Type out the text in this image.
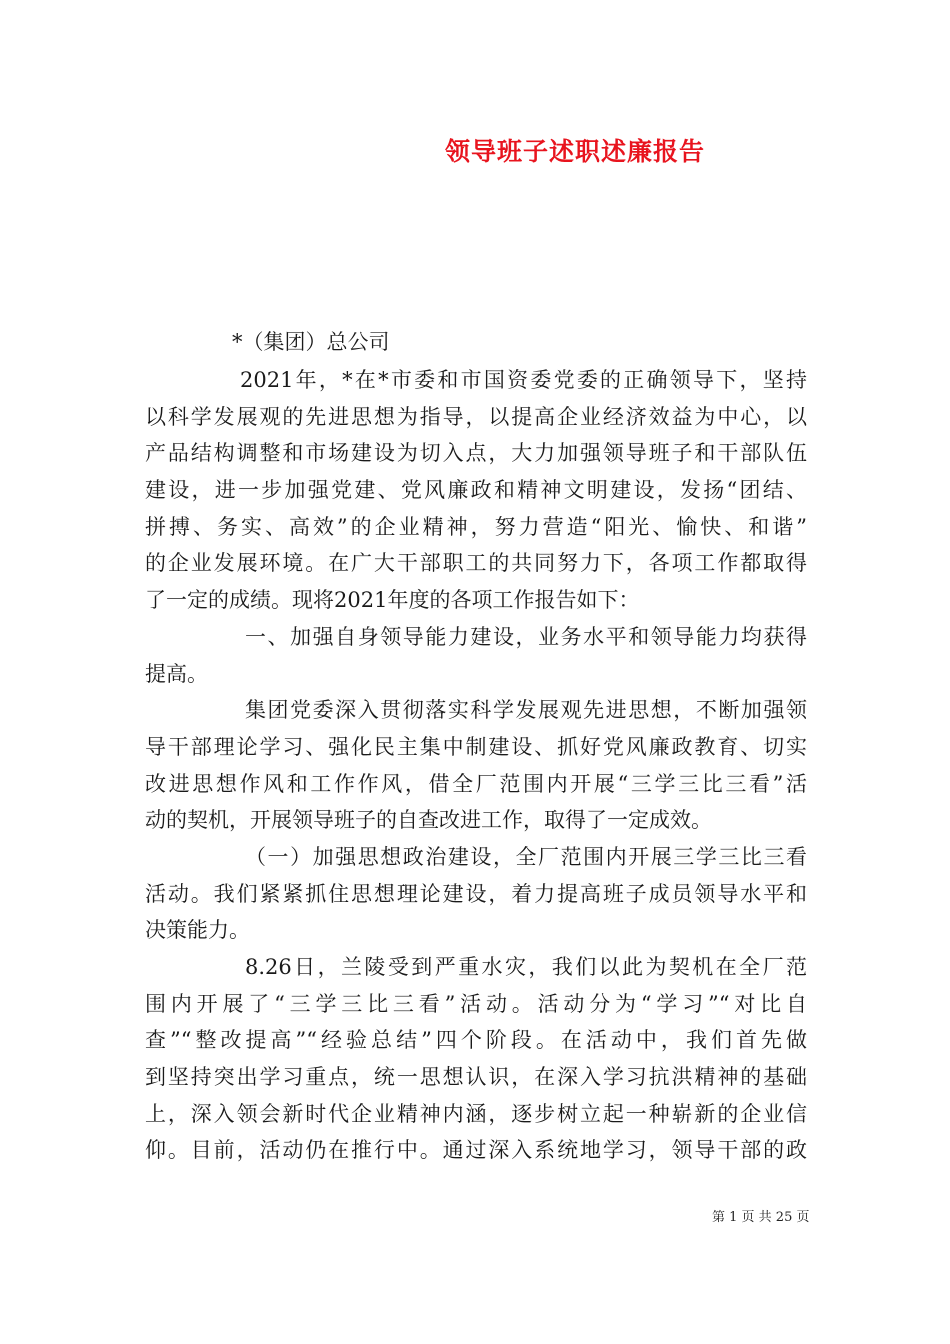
领导班子述职述廉报告

*（集团）总公司

2021年，*在*市委和市国资委党委的正确领导下，坚持

以科学发展观的先进思想为指导，以提高企业经济效益为中心，以

产品结构调整和市场建设为切入点，大力加强领导班子和干部队伍

建设，进一步加强党建、党风廉政和精神文明建设，发扬“团结、

拼搏、务实、高效”的企业精神，努力营造“阳光、愉快、和谐”

的企业发展环境。在广大干部职工的共同努力下，各项工作都取得

了一定的成绩。现将2021年度的各项工作报告如下：

一、加强自身领导能力建设，业务水平和领导能力均获得

提高。

集团党委深入贯彻落实科学发展观先进思想，不断加强领

导干部理论学习、强化民主集中制建设、抓好党风廉政教育、切实

改进思想作风和工作作风，借全厂范围内开展“三学三比三看”活

动的契机，开展领导班子的自查改进工作，取得了一定成效。

（一）加强思想政治建设，全厂范围内开展三学三比三看

活动。我们紧紧抓住思想理论建设，着力提高班子成员领导水平和

决策能力。

8.26日，兰陵受到严重水灾，我们以此为契机在全厂范

围内开展了“三学三比三看”活动。活动分为“学习”“对比自

查”“整改提高”“经验总结”四个阶段。在活动中，我们首先做

到坚持突出学习重点，统一思想认识，在深入学习抗洪精神的基础

上，深入领会新时代企业精神内涵，逐步树立起一种崭新的企业信

仰。目前，活动仍在推行中。通过深入系统地学习，领导干部的政

第 1 页 共 25 页
